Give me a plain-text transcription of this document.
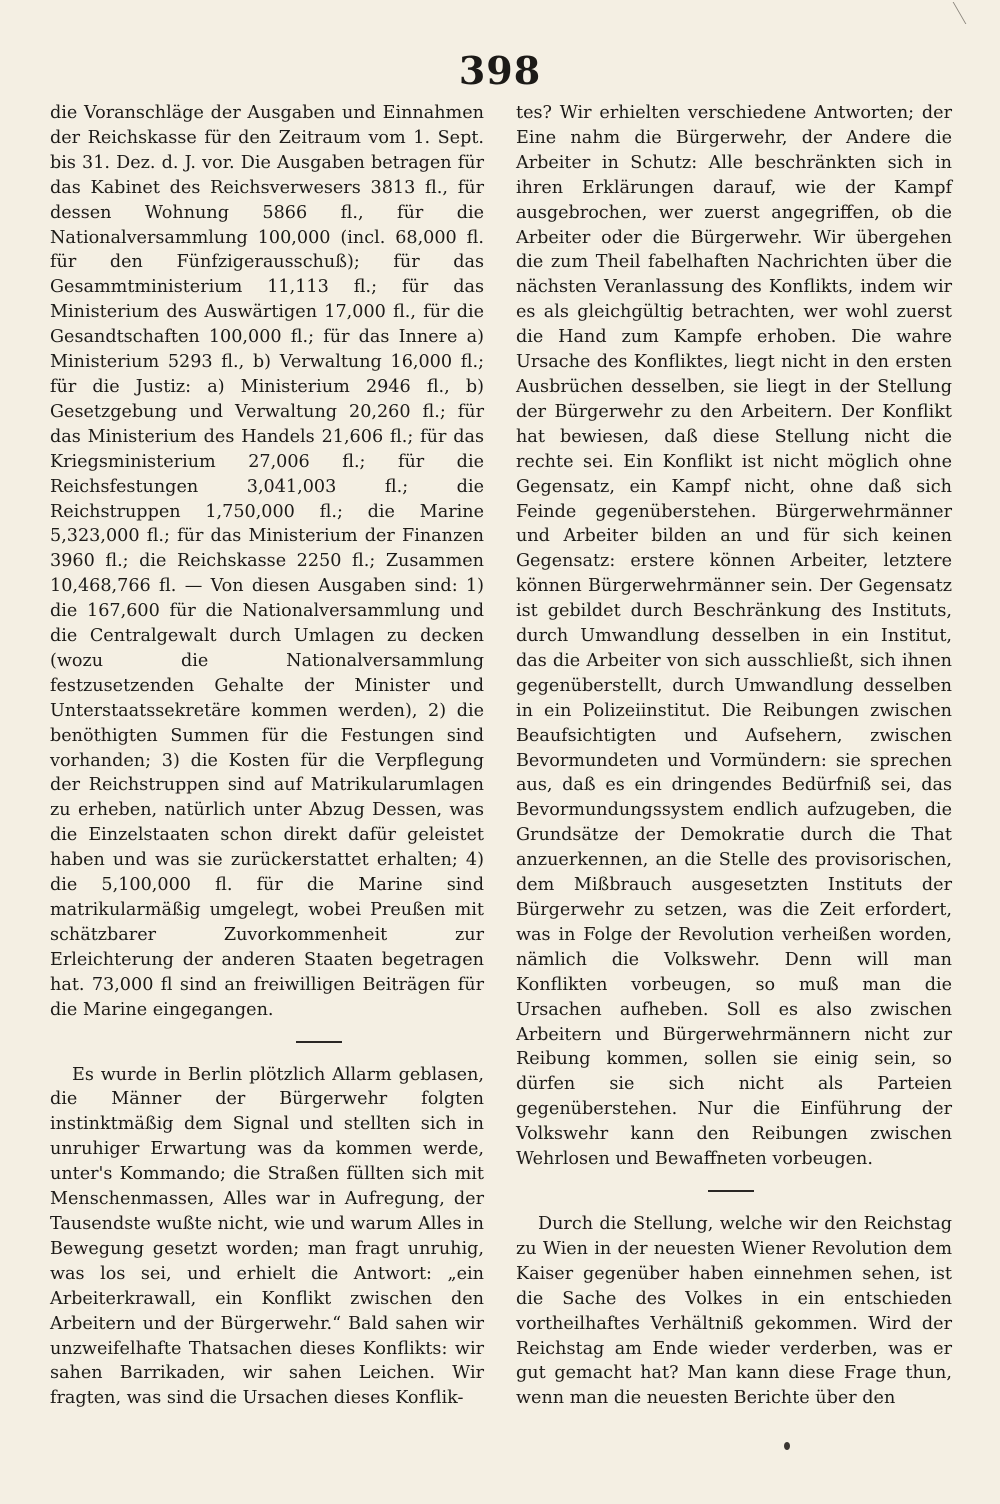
398

die Voranschläge der Ausgaben und Einnahmen der Reichskasse für den Zeitraum vom 1. Sept. bis 31. Dez. d. J. vor. Die Ausgaben betragen für das Kabinet des Reichsverwesers 3813 fl., für dessen Wohnung 5866 fl., für die Nationalversammlung 100,000 (incl. 68,000 fl. für den Fünfzigerausschuß); für das Gesammtministerium 11,113 fl.; für das Ministerium des Auswärtigen 17,000 fl., für die Gesandtschaften 100,000 fl.; für das Innere a) Ministerium 5293 fl., b) Verwaltung 16,000 fl.; für die Justiz: a) Ministerium 2946 fl., b) Gesetzgebung und Verwaltung 20,260 fl.; für das Ministerium des Handels 21,606 fl.; für das Kriegsministerium 27,006 fl.; für die Reichsfestungen 3,041,003 fl.; die Reichstruppen 1,750,000 fl.; die Marine 5,323,000 fl.; für das Ministerium der Finanzen 3960 fl.; die Reichskasse 2250 fl.; Zusammen 10,468,766 fl. — Von diesen Ausgaben sind: 1) die 167,600 für die Nationalversammlung und die Centralgewalt durch Umlagen zu decken (wozu die Nationalversammlung festzusetzenden Gehalte der Minister und Unterstaatssekretäre kommen werden), 2) die benöthigten Summen für die Festungen sind vorhanden; 3) die Kosten für die Verpflegung der Reichstruppen sind auf Matrikularumlagen zu erheben, natürlich unter Abzug Dessen, was die Einzelstaaten schon direkt dafür geleistet haben und was sie zurückerstattet erhalten; 4) die 5,100,000 fl. für die Marine sind matrikularmäßig umgelegt, wobei Preußen mit schätzbarer Zuvorkommenheit zur Erleichterung der anderen Staaten begetragen hat. 73,000 fl sind an freiwilligen Beiträgen für die Marine eingegangen.

Es wurde in Berlin plötzlich Allarm geblasen, die Männer der Bürgerwehr folgten instinktmäßig dem Signal und stellten sich in unruhiger Erwartung was da kommen werde, unter's Kommando; die Straßen füllten sich mit Menschenmassen, Alles war in Aufregung, der Tausendste wußte nicht, wie und warum Alles in Bewegung gesetzt worden; man fragt unruhig, was los sei, und erhielt die Antwort: „ein Arbeiterkrawall, ein Konflikt zwischen den Arbeitern und der Bürgerwehr.“ Bald sahen wir unzweifelhafte Thatsachen dieses Konflikts: wir sahen Barrikaden, wir sahen Leichen. Wir fragten, was sind die Ursachen dieses Konflik-

tes? Wir erhielten verschiedene Antworten; der Eine nahm die Bürgerwehr, der Andere die Arbeiter in Schutz: Alle beschränkten sich in ihren Erklärungen darauf, wie der Kampf ausgebrochen, wer zuerst angegriffen, ob die Arbeiter oder die Bürgerwehr. Wir übergehen die zum Theil fabelhaften Nachrichten über die nächsten Veranlassung des Konflikts, indem wir es als gleichgültig betrachten, wer wohl zuerst die Hand zum Kampfe erhoben. Die wahre Ursache des Konfliktes, liegt nicht in den ersten Ausbrüchen desselben, sie liegt in der Stellung der Bürgerwehr zu den Arbeitern. Der Konflikt hat bewiesen, daß diese Stellung nicht die rechte sei. Ein Konflikt ist nicht möglich ohne Gegensatz, ein Kampf nicht, ohne daß sich Feinde gegenüberstehen. Bürgerwehrmänner und Arbeiter bilden an und für sich keinen Gegensatz: erstere können Arbeiter, letztere können Bürgerwehrmänner sein. Der Gegensatz ist gebildet durch Beschränkung des Instituts, durch Umwandlung desselben in ein Institut, das die Arbeiter von sich ausschließt, sich ihnen gegenüberstellt, durch Umwandlung desselben in ein Polizeiinstitut. Die Reibungen zwischen Beaufsichtigten und Aufsehern, zwischen Bevormundeten und Vormündern: sie sprechen aus, daß es ein dringendes Bedürfniß sei, das Bevormundungssystem endlich aufzugeben, die Grundsätze der Demokratie durch die That anzuerkennen, an die Stelle des provisorischen, dem Mißbrauch ausgesetzten Instituts der Bürgerwehr zu setzen, was die Zeit erfordert, was in Folge der Revolution verheißen worden, nämlich die Volkswehr. Denn will man Konflikten vorbeugen, so muß man die Ursachen aufheben. Soll es also zwischen Arbeitern und Bürgerwehrmännern nicht zur Reibung kommen, sollen sie einig sein, so dürfen sie sich nicht als Parteien gegenüberstehen. Nur die Einführung der Volkswehr kann den Reibungen zwischen Wehrlosen und Bewaffneten vorbeugen.

Durch die Stellung, welche wir den Reichstag zu Wien in der neuesten Wiener Revolution dem Kaiser gegenüber haben einnehmen sehen, ist die Sache des Volkes in ein entschieden vortheilhaftes Verhältniß gekommen. Wird der Reichstag am Ende wieder verderben, was er gut gemacht hat? Man kann diese Frage thun, wenn man die neuesten Berichte über den
